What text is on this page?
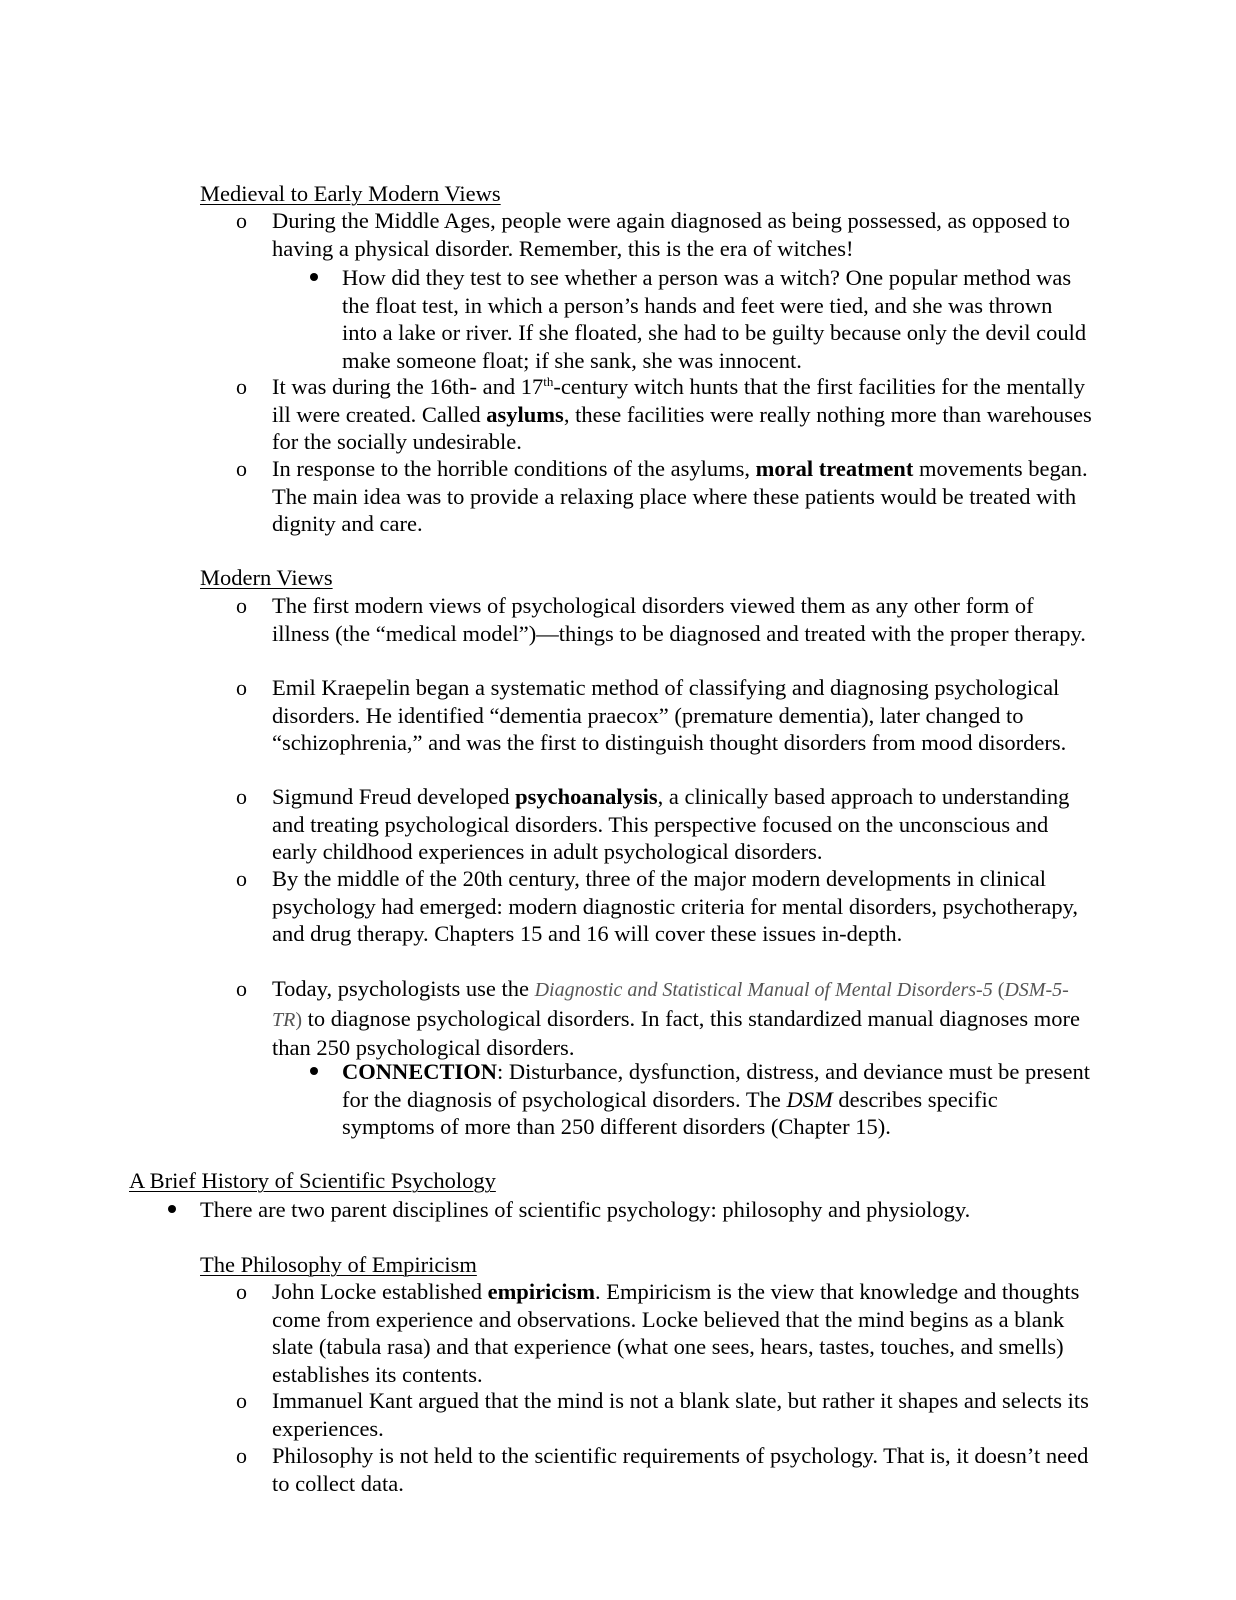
Medieval to Early Modern Views
o During the Middle Ages, people were again diagnosed as being possessed, as opposed to having a physical disorder. Remember, this is the era of witches!
How did they test to see whether a person was a witch? One popular method was the float test, in which a person’s hands and feet were tied, and she was thrown into a lake or river. If she floated, she had to be guilty because only the devil could make someone float; if she sank, she was innocent.
o It was during the 16th- and 17th-century witch hunts that the first facilities for the mentally ill were created. Called asylums, these facilities were really nothing more than warehouses for the socially undesirable.
o In response to the horrible conditions of the asylums, moral treatment movements began. The main idea was to provide a relaxing place where these patients would be treated with dignity and care.
Modern Views
o The first modern views of psychological disorders viewed them as any other form of illness (the “medical model”)—things to be diagnosed and treated with the proper therapy.
o Emil Kraepelin began a systematic method of classifying and diagnosing psychological disorders. He identified “dementia praecox” (premature dementia), later changed to “schizophrenia,” and was the first to distinguish thought disorders from mood disorders.
o Sigmund Freud developed psychoanalysis, a clinically based approach to understanding and treating psychological disorders. This perspective focused on the unconscious and early childhood experiences in adult psychological disorders.
o By the middle of the 20th century, three of the major modern developments in clinical psychology had emerged: modern diagnostic criteria for mental disorders, psychotherapy, and drug therapy. Chapters 15 and 16 will cover these issues in-depth.
o Today, psychologists use the Diagnostic and Statistical Manual of Mental Disorders-5 (DSM-5-TR) to diagnose psychological disorders. In fact, this standardized manual diagnoses more than 250 psychological disorders.
CONNECTION: Disturbance, dysfunction, distress, and deviance must be present for the diagnosis of psychological disorders. The DSM describes specific symptoms of more than 250 different disorders (Chapter 15).
A Brief History of Scientific Psychology
There are two parent disciplines of scientific psychology: philosophy and physiology.
The Philosophy of Empiricism
o John Locke established empiricism. Empiricism is the view that knowledge and thoughts come from experience and observations. Locke believed that the mind begins as a blank slate (tabula rasa) and that experience (what one sees, hears, tastes, touches, and smells) establishes its contents.
o Immanuel Kant argued that the mind is not a blank slate, but rather it shapes and selects its experiences.
o Philosophy is not held to the scientific requirements of psychology. That is, it doesn’t need to collect data.
